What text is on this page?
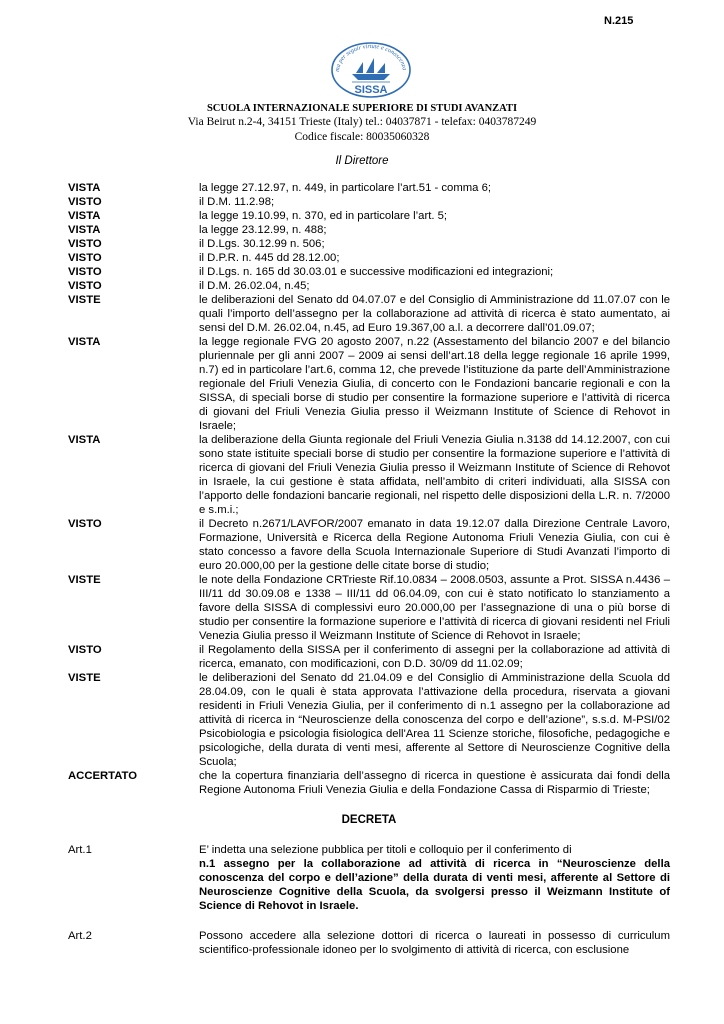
N.215
ma per seguir virtute e conoscenza
SISSA
SCUOLA INTERNAZIONALE SUPERIORE DI STUDI AVANZATI
Via Beirut n.2-4, 34151 Trieste (Italy) tel.: 04037871 - telefax: 0403787249
Codice fiscale: 80035060328
Il Direttore
VISTA	la legge 27.12.97, n. 449, in particolare l’art.51 - comma 6;
VISTO	il D.M. 11.2.98;
VISTA	la legge 19.10.99, n. 370, ed in particolare l’art. 5;
VISTA	la legge 23.12.99, n. 488;
VISTO	il D.Lgs. 30.12.99 n. 506;
VISTO	il D.P.R. n. 445 dd 28.12.00;
VISTO	il D.Lgs. n. 165 dd 30.03.01 e successive modificazioni ed integrazioni;
VISTO	il D.M. 26.02.04, n.45;
VISTE	le deliberazioni del Senato dd 04.07.07 e del Consiglio di Amministrazione dd 11.07.07 con le quali l’importo dell’assegno per la collaborazione ad attività di ricerca è stato aumentato, ai sensi del D.M. 26.02.04, n.45, ad Euro 19.367,00 a.l. a decorrere dall’01.09.07;
VISTA	la legge regionale FVG 20 agosto 2007, n.22 (Assestamento del bilancio 2007 e del bilancio pluriennale per gli anni 2007 – 2009 ai sensi dell’art.18 della legge regionale 16 aprile 1999, n.7) ed in particolare l’art.6, comma 12, che prevede l’istituzione da parte dell’Amministrazione regionale del Friuli Venezia Giulia, di concerto con le Fondazioni bancarie regionali e con la SISSA, di speciali borse di studio per consentire la formazione superiore e l’attività di ricerca di giovani del Friuli Venezia Giulia presso il Weizmann Institute of Science di Rehovot in Israele;
VISTA	la deliberazione della Giunta regionale del Friuli Venezia Giulia n.3138 dd 14.12.2007, con cui sono state istituite speciali borse di studio per consentire la formazione superiore e l’attività di ricerca di giovani del Friuli Venezia Giulia presso il Weizmann Institute of Science di Rehovot in Israele, la cui gestione è stata affidata, nell’ambito di criteri individuati, alla SISSA con l’apporto delle fondazioni bancarie regionali, nel rispetto delle disposizioni della L.R. n. 7/2000 e s.m.i.;
VISTO	il Decreto n.2671/LAVFOR/2007 emanato in data 19.12.07 dalla Direzione Centrale Lavoro, Formazione, Università e Ricerca della Regione Autonoma Friuli Venezia Giulia, con cui è stato concesso a favore della Scuola Internazionale Superiore di Studi Avanzati l’importo di euro 20.000,00 per la gestione delle citate borse di studio;
VISTE	le note della Fondazione CRTrieste Rif.10.0834 – 2008.0503, assunte a Prot. SISSA n.4436 – III/11 dd 30.09.08 e 1338 – III/11 dd 06.04.09, con cui è stato notificato lo stanziamento a favore della SISSA di complessivi euro 20.000,00 per l’assegnazione di una o più borse di studio per consentire la formazione superiore e l’attività di ricerca di giovani residenti nel Friuli Venezia Giulia presso il Weizmann Institute of Science di Rehovot in Israele;
VISTO	il Regolamento della SISSA per il conferimento di assegni per la collaborazione ad attività di ricerca, emanato, con modificazioni, con D.D. 30/09 dd 11.02.09;
VISTE	le deliberazioni del Senato dd 21.04.09 e del Consiglio di Amministrazione della Scuola dd 28.04.09, con le quali è stata approvata l’attivazione della procedura, riservata a giovani residenti in Friuli Venezia Giulia, per il conferimento di n.1 assegno per la collaborazione ad attività di ricerca in “Neuroscienze della conoscenza del corpo e dell’azione”, s.s.d. M-PSI/02 Psicobiologia e psicologia fisiologica dell'Area 11 Scienze storiche, filosofiche, pedagogiche e psicologiche, della durata di venti mesi, afferente al Settore di Neuroscienze Cognitive della Scuola;
ACCERTATO	che la copertura finanziaria dell’assegno di ricerca in questione è assicurata dai fondi della Regione Autonoma Friuli Venezia Giulia e della Fondazione Cassa di Risparmio di Trieste;
DECRETA
Art.1	E’ indetta una selezione pubblica per titoli e colloquio per il conferimento di
n.1 assegno per la collaborazione ad attività di ricerca in “Neuroscienze della conoscenza del corpo e dell’azione” della durata di venti mesi, afferente al Settore di Neuroscienze Cognitive della Scuola, da svolgersi presso il Weizmann Institute of Science di Rehovot in Israele.
Art.2	Possono accedere alla selezione dottori di ricerca o laureati in possesso di curriculum scientifico-professionale idoneo per lo svolgimento di attività di ricerca, con esclusione
